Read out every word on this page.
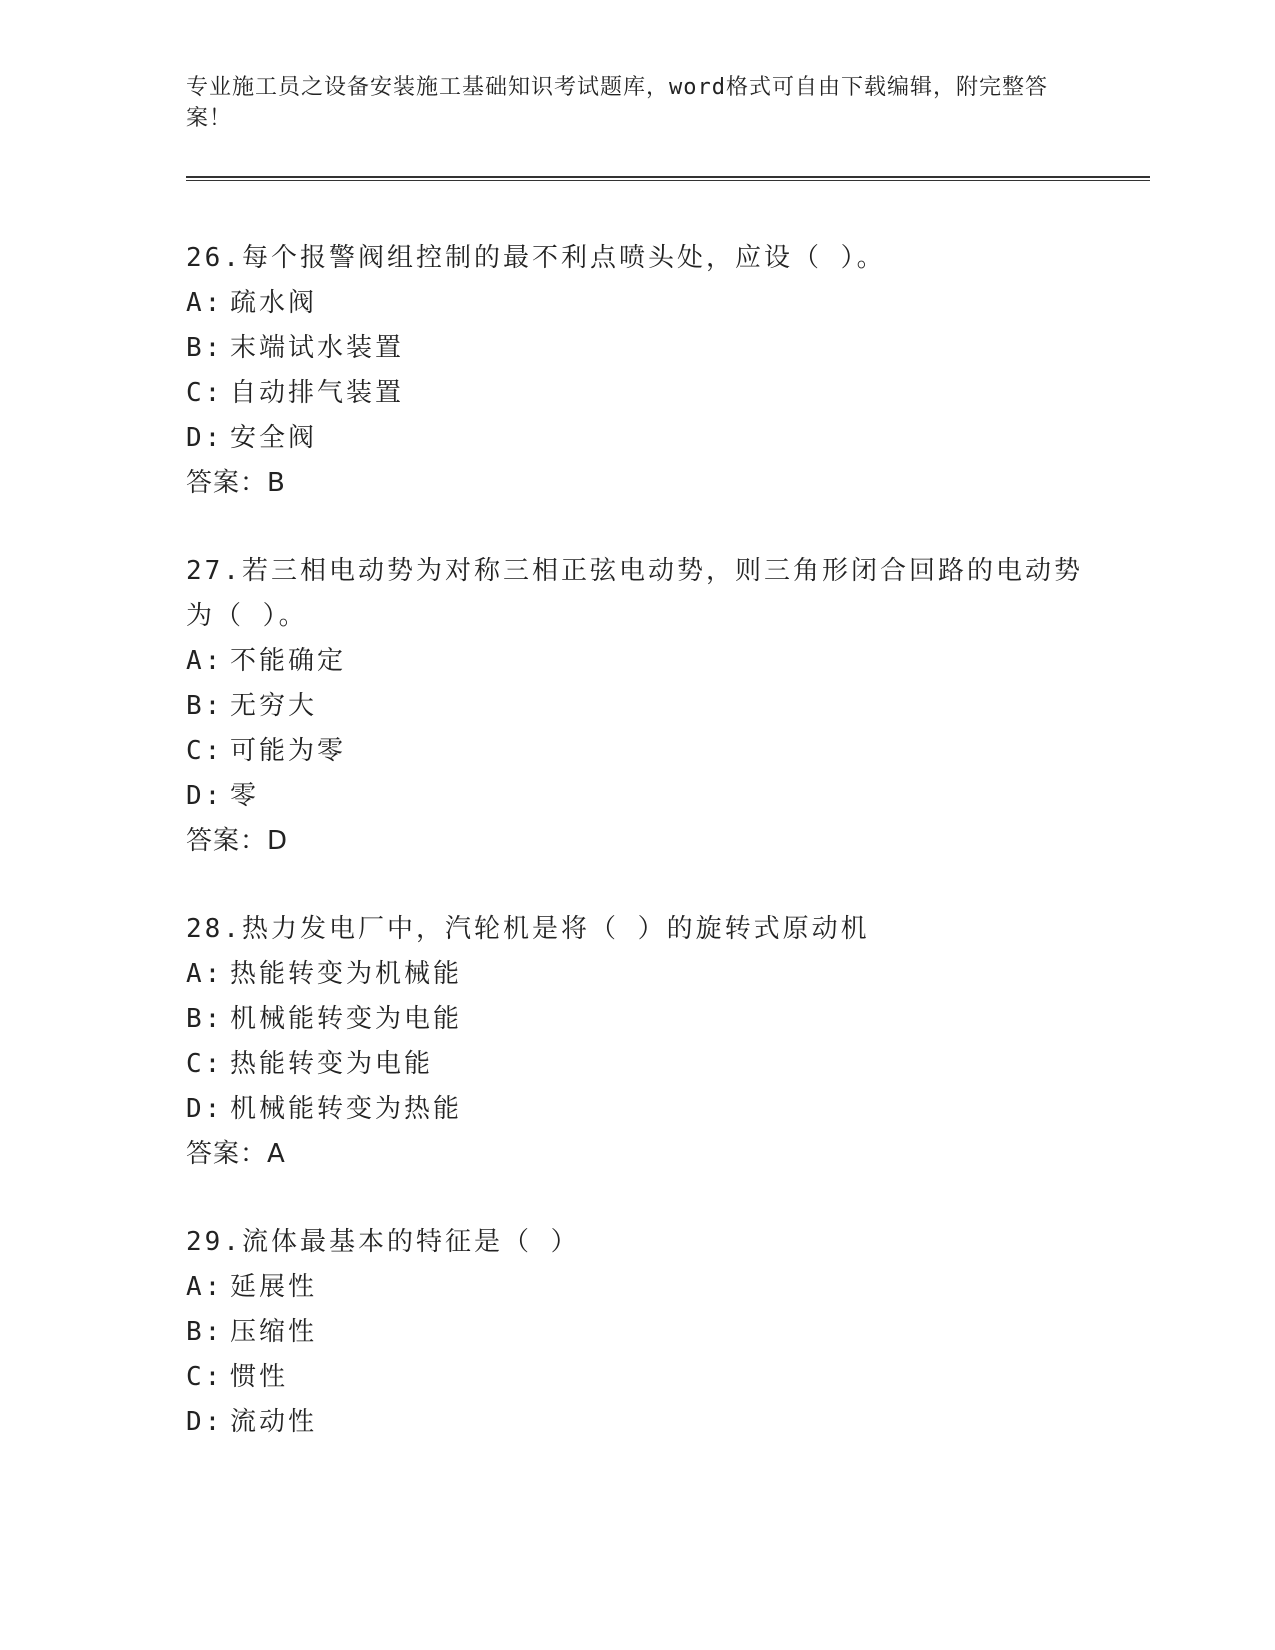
专业施工员之设备安装施工基础知识考试题库，word格式可自由下载编辑，附完整答案！

26.每个报警阀组控制的最不利点喷头处，应设（ ）。

A: 疏水阀

B: 末端试水装置

C: 自动排气装置

D: 安全阀

答案：B

27.若三相电动势为对称三相正弦电动势，则三角形闭合回路的电动势为（ ）。

A: 不能确定

B: 无穷大

C: 可能为零

D: 零

答案：D

28.热力发电厂中，汽轮机是将（ ）的旋转式原动机

A: 热能转变为机械能

B: 机械能转变为电能

C: 热能转变为电能

D: 机械能转变为热能

答案：A

29.流体最基本的特征是（ ）

A: 延展性

B: 压缩性

C: 惯性

D: 流动性
